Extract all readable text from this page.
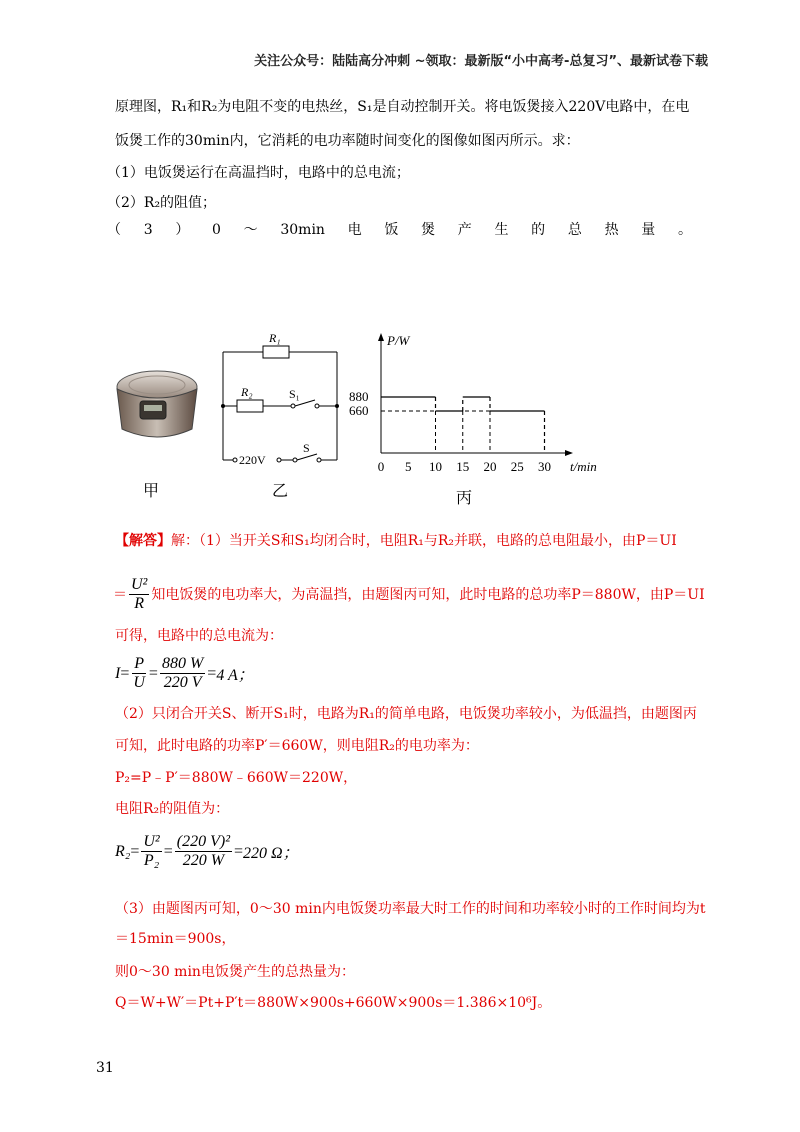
关注公众号：陆陆高分冲刺 ~领取：最新版“小中高考-总复习”、最新试卷下载
原理图，R₁和R₂为电阻不变的电热丝，S₁是自动控制开关。将电饭煲接入220V电路中，在电
饭煲工作的30min内，它消耗的电功率随时间变化的图像如图丙所示。求：
（1）电饭煲运行在高温挡时，电路中的总电流；
（2）R₂的阻值；
（ 3 ） 0 ～ 30min 电 饭 煲 产 生 的 总 热 量 。
甲
R₁
R₂	S₁
S
220V
乙
P/W
t/min
880
660
0 5 10 15 20 25 30
丙
【解答】解：（1）当开关S和S₁均闭合时，电阻R₁与R₂并联，电路的总电阻最小，由P＝UI
＝ $\frac{\text{U²}}{R}$ 知电饭煲的电功率大，为高温挡，由题图丙可知，此时电路的总功率P＝880W，由P＝UI
可得，电路中的总电流为：
$I = \frac{P}{U} = \frac{880 W}{220 V} = 4$ A；
（2）只闭合开关S、断开S₁时，电路为R₁的简单电路，电饭煲功率较小，为低温挡，由题图丙
可知，此时电路的功率P′＝660W，则电阻R₂的电功率为：
P₂=P﹣P′＝880W﹣660W＝220W，
电阻R₂的阻值为：
$R_2 = \frac{\text{U²}}{\text{P₂}} = \frac{\text{(220 V)²}}{220 W} = 220$ Ω；
（3）由题图丙可知，0～30 min内电饭煲功率最大时工作的时间和功率较小时的工作时间均为t
＝15min＝900s，
则0～30 min电饭煲产生的总热量为：
Q＝W+W′＝Pt+P′t＝880W×900s+660W×900s＝1.386×10⁶J。
31
